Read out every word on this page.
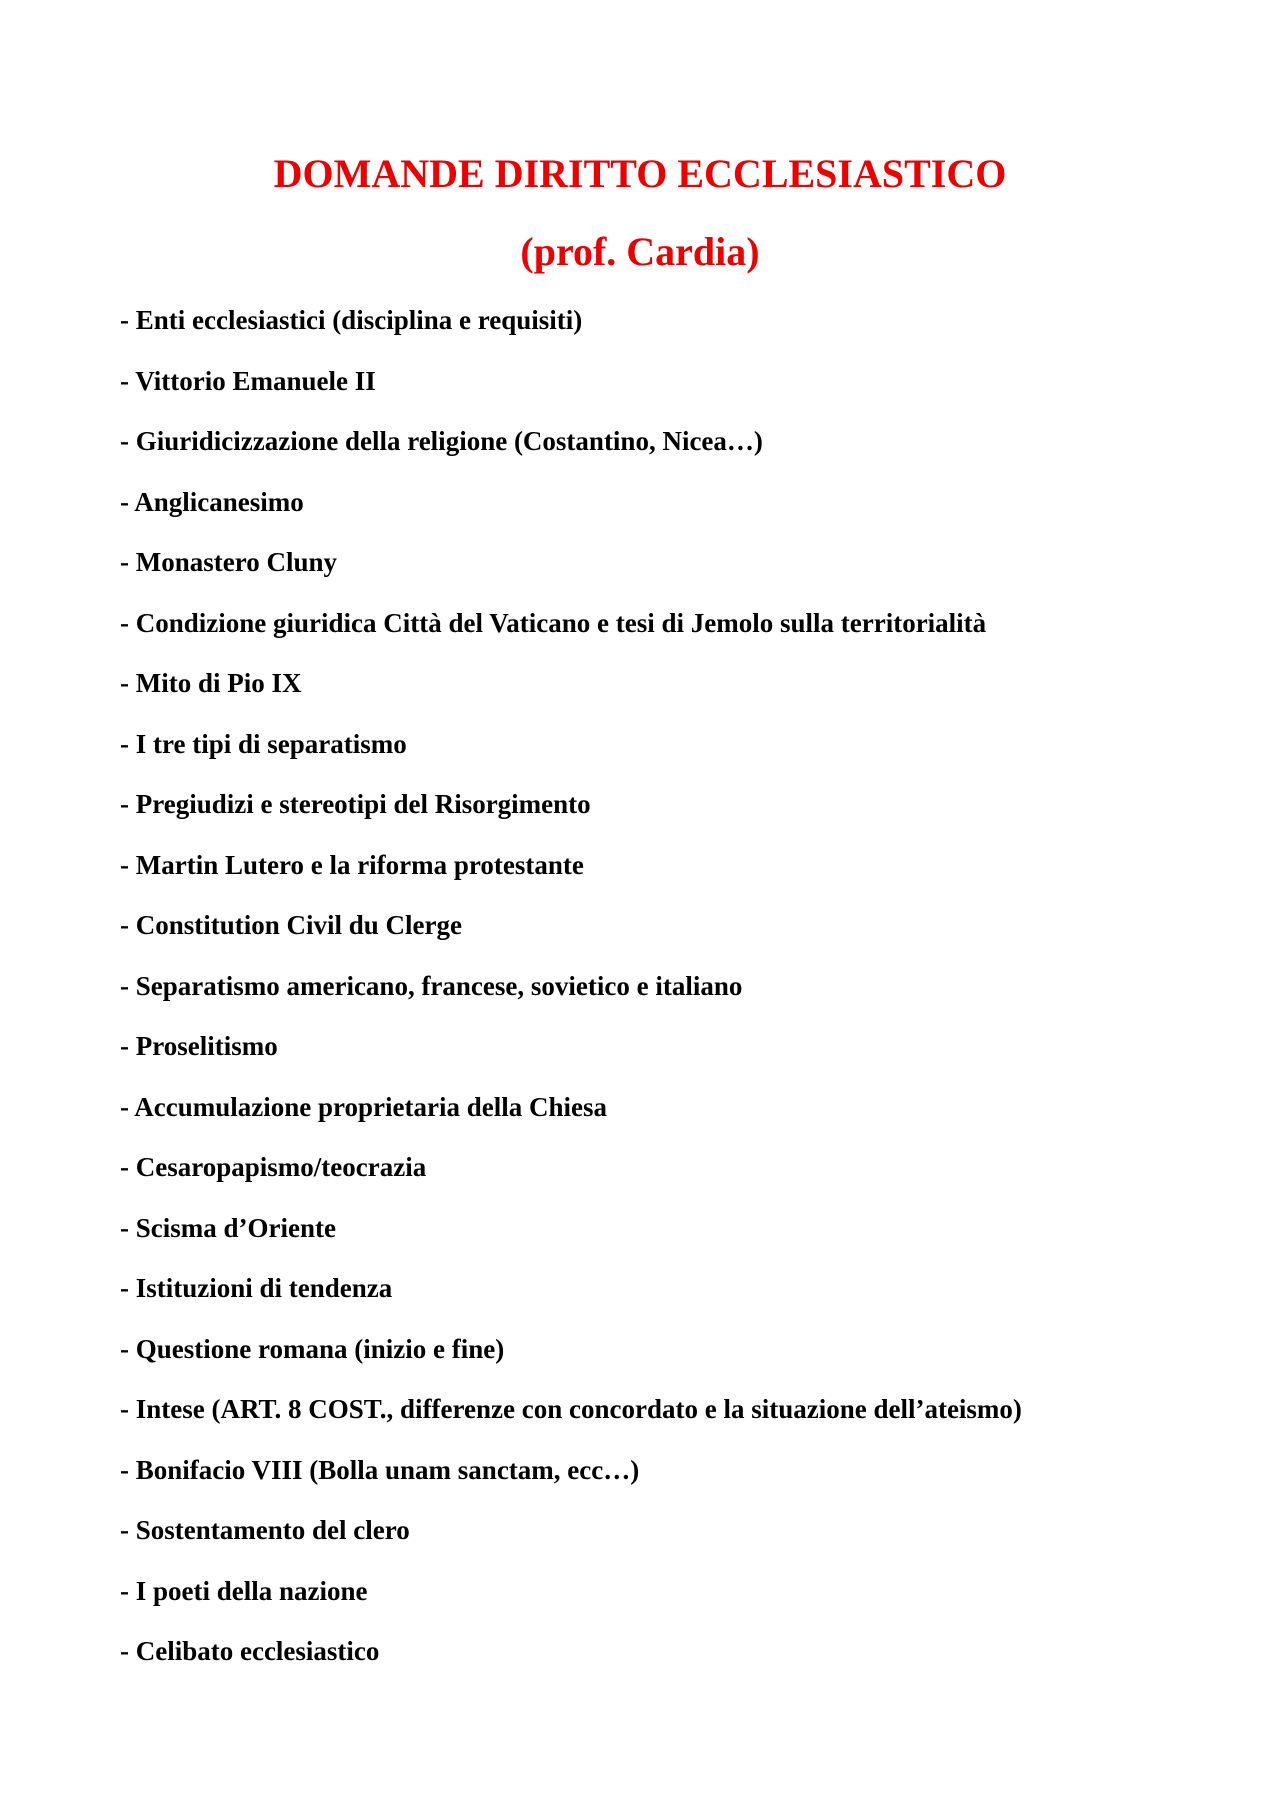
DOMANDE DIRITTO ECCLESIASTICO
(prof. Cardia)
- Enti ecclesiastici (disciplina e requisiti)
- Vittorio Emanuele II
- Giuridicizzazione della religione (Costantino, Nicea…)
- Anglicanesimo
- Monastero Cluny
- Condizione giuridica Città del Vaticano e tesi di Jemolo sulla territorialità
- Mito di Pio IX
- I tre tipi di separatismo
- Pregiudizi e stereotipi del Risorgimento
- Martin Lutero e la riforma protestante
- Constitution Civil du Clerge
- Separatismo americano, francese, sovietico e italiano
- Proselitismo
- Accumulazione proprietaria della Chiesa
- Cesaropapismo/teocrazia
- Scisma d’Oriente
- Istituzioni di tendenza
- Questione romana (inizio e fine)
- Intese (ART. 8 COST., differenze con concordato e la situazione dell’ateismo)
- Bonifacio VIII (Bolla unam sanctam, ecc…)
- Sostentamento del clero
- I poeti della nazione
- Celibato ecclesiastico
